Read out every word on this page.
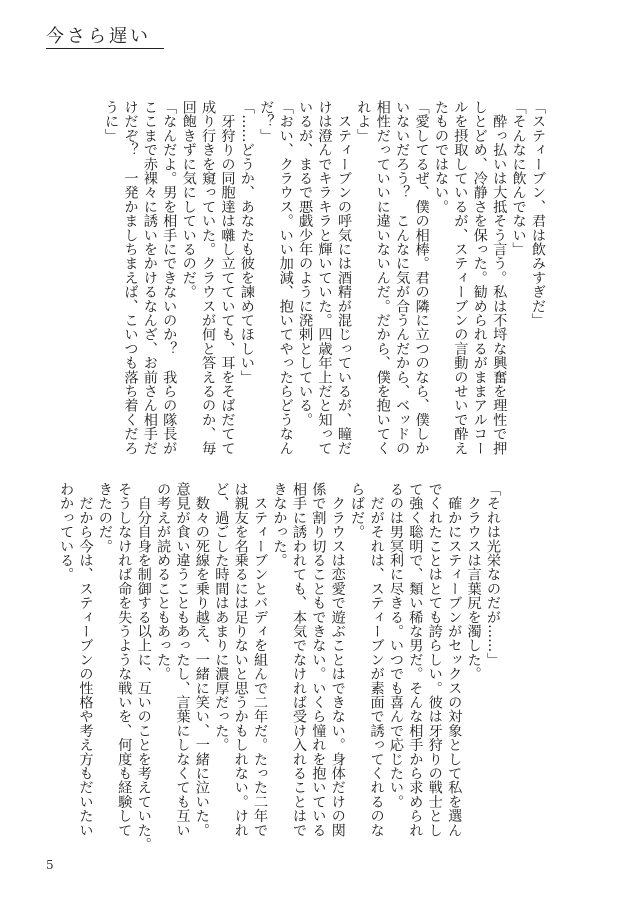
今さら遅い
「スティーブン、君は飲みすぎだ」
「そんなに飲んでない」
　酔っ払いは大抵そう言う。私は不埒な興奮を理性で押
しとどめ、冷静さを保った。勧められるがままアルコー
ルを摂取しているが、スティーブンの言動のせいで酔え
たものではない。
「愛してるぜ、僕の相棒。君の隣に立つのなら、僕しか
いないだろう？　こんなに気が合うんだから、ベッドの
相性だっていいに違いないんだ。だから、僕を抱いてく
れよ」
　スティーブンの呼気には酒精が混じっているが、瞳だ
けは澄んでキラキラと輝いていた。四歳年上だと知って
いるが、まるで悪戯少年のように溌剌としている。
「おい、クラウス。いい加減、抱いてやったらどうなん
だ？」
「……どうか、あなたも彼を諫めてほしい」
　牙狩りの同胞達は囃し立てていても、耳をそばだてて
成り行きを窺っていた。クラウスが何と答えるのか、毎
回飽きずに気にしているのだ。
「なんだよ。男を相手にできないのか？　我らの隊長が
ここまで赤裸々に誘いをかけるなんざ、お前さん相手だ
けだぞ？　一発かましちまえば、こいつも落ち着くだろ
うに」
「それは光栄なのだが……」
　クラウスは言葉尻を濁した。
　確かにスティーブンがセックスの対象として私を選ん
でくれたことはとても誇らしい。彼は牙狩りの戦士とし
て強く聡明で、類い稀な男だ。そんな相手から求められ
るのは男冥利に尽きる。いつでも喜んで応じたい。
　だがそれは、スティーブンが素面で誘ってくれるのな
らばだ。
　クラウスは恋愛で遊ぶことはできない。身体だけの関
係で割り切ることもできない。いくら憧れを抱いている
相手に誘われても、本気でなければ受け入れることはで
きなかった。
　スティーブンとバディを組んで二年だ。たった二年で
は親友を名乗るには足りないと思うかもしれない。けれ
ど、過ごした時間はあまりに濃厚だった。
　数々の死線を乗り越え、一緒に笑い、一緒に泣いた。
意見が食い違うこともあったし、言葉にしなくても互い
の考えが読めることもあった。
　自分自身を制御する以上に、互いのことを考えていた。
そうしなければ命を失うような戦いを、何度も経験して
きたのだ。
　だから今は、スティーブンの性格や考え方もだいたい
わかっている。
5
